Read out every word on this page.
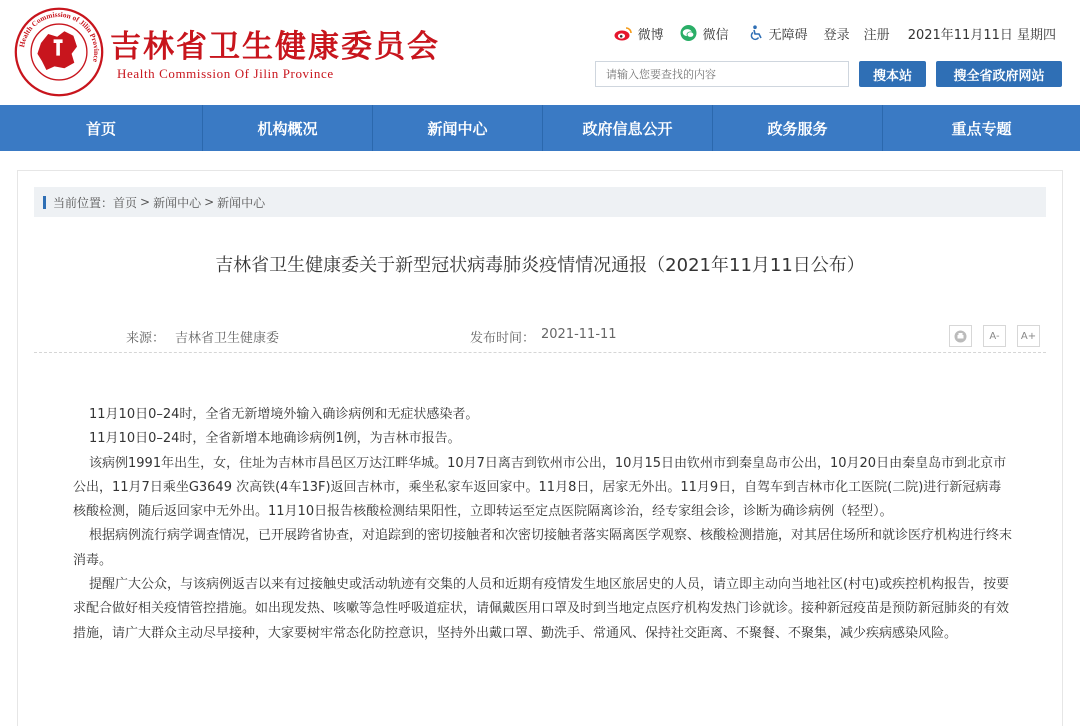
Health Commission of Jilin Province 吉林省卫生健康委员会
Health Commission Of Jilin Province
微博	微信	无障碍 登录 注册 2021年11月11日 星期四
请输入您要查找的内容
搜本站	搜全省政府网站
首页	机构概况	新闻中心	政府信息公开	政务服务	重点专题
当前位置： 首页 > 新闻中心 > 新闻中心
吉林省卫生健康委关于新型冠状病毒肺炎疫情情况通报（2021年11月11日公布）
来源： 吉林省卫生健康委	发布时间： 2021-11-11	A-	A+

11月10日0–24时，全省无新增境外输入确诊病例和无症状感染者。

11月10日0–24时，全省新增本地确诊病例1例，为吉林市报告。

该病例1991年出生，女，住址为吉林市昌邑区万达江畔华城。10月7日离吉到钦州市公出，10月15日由钦州市到秦皇岛市公出，10月20日由秦皇岛市到北京市公出，11月7日乘坐G3649 次高铁(4车13F)返回吉林市，乘坐私家车返回家中。11月8日，居家无外出。11月9日，自驾车到吉林市化工医院(二院)进行新冠病毒核酸检测，随后返回家中无外出。11月10日报告核酸检测结果阳性，立即转运至定点医院隔离诊治，经专家组会诊，诊断为确诊病例（轻型）。

根据病例流行病学调查情况，已开展跨省协查，对追踪到的密切接触者和次密切接触者落实隔离医学观察、核酸检测措施，对其居住场所和就诊医疗机构进行终末消毒。

提醒广大公众，与该病例返吉以来有过接触史或活动轨迹有交集的人员和近期有疫情发生地区旅居史的人员，请立即主动向当地社区(村屯)或疾控机构报告，按要求配合做好相关疫情管控措施。如出现发热、咳嗽等急性呼吸道症状，请佩戴医用口罩及时到当地定点医疗机构发热门诊就诊。接种新冠疫苗是预防新冠肺炎的有效措施，请广大群众主动尽早接种，大家要树牢常态化防控意识，坚持外出戴口罩、勤洗手、常通风、保持社交距离、不聚餐、不聚集，减少疾病感染风险。
